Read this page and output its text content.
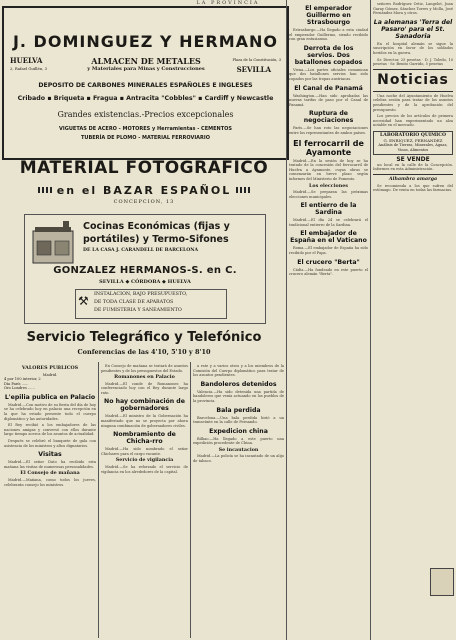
LA PROVINCIA
J. DOMINGUEZ Y HERMANO
HUELVA
2, Rafael Guillén, 3
ALMACEN DE METALES
y Materiales para Minas y Construcciones
Plaza de la Constitución, 3
SEVILLA
DEPOSITO DE CARBONES MINERALES ESPAÑOLES E INGLESES
Cribado ▪ Briqueta ▪ Fragua ▪ Antracita "Cobbles" ▪ Cardiff y Newcastle
Grandes existencias.-Precios excepcionales
VIGUETAS DE ACERO - MOTORES y Herramientas - CEMENTOS
TUBERÍA DE PLOMO - MATERIAL FERROVIARIO
MATERIAL FOTOGRAFICO
en el BAZAR ESPAÑOL
CONCEPCION, 13
Cocinas Económicas (fijas y
portátiles) y Termo-Sifones
DE LA CASA J. CARANDELL DE BARCELONA
GONZALEZ HERMANOS-S. en C.
SEVILLA ◆ CÓRDOBA ◆ HUELVA
⚒ INSTALACION, BAJO PRESUPUESTO,
DE TODA CLASE DE APARATOS
DE FUMISTERIA Y SANEAMIENTO
Servicio Telegráfico y Telefónico
Conferencias de las 4'10, 5'10 y 8'10
VALORES PUBLICOS
Madrid.
4 por 100 interior, 2
Día París ......
Oro Londres ......
L'epilia publica en Palacio

Madrid.—Con motivo de su fiesta del día de hoy se ha celebrado hoy en palacio una recepción en la que ha estado presente todo el cuerpo diplomático y las autoridades.

El Rey recibió a los embajadores de las naciones amigas y conversó con ellos durante largo tiempo acerca de los asuntos de actualidad.

Después se celebró el banquete de gala con asistencia de los ministros y altos dignatarios.

Visitas

Madrid.—El señor Dato ha recibido esta mañana las visitas de numerosas personalidades.

El Consejo de mañana

Madrid.—Mañana, como todos los jueves, celebrarán consejo los ministros.

En Consejo de mañana se tratará de asuntos pendientes y de los presupuestos del Estado.

Romanones en Palacio

Madrid.—El conde de Romanones ha conferenciado hoy con el Rey durante largo rato.

No hay combinación de gobernadores

Madrid.—El ministro de la Gobernación ha manifestado que no se proyecta por ahora ninguna combinación de gobernadores civiles.

Nombramiento de Chicha-rro

Madrid.—Ha sido nombrado el señor Chicharro para el cargo vacante.

Servicio de vigilancia

Madrid.—Se ha reforzado el servicio de vigilancia en los alrededores de la capital.

a este y a varios otros y a los miembros de la Comisión del Cuerpo diplomático para tratar de los asuntos pendientes.

Bandoleros detenidos

Valencia.—Ha sido detenida una partida de bandoleros que venía actuando en los pueblos de la provincia.

Bala perdida

Barcelona.—Una bala perdida hirió a un transeúnte en la calle de Fernando.

Expedicion china

Bilbao.—Ha llegado a este puerto una expedición procedente de China.

Se incautacion

Madrid.—La policía se ha incautado de un alijo de tabaco.

El emperador Guillermo en Strasbourgo

Estrasburgo.—Ha llegado a esta ciudad el emperador Guillermo, siendo recibido con gran entusiasmo.

Derrota de los servios. Dos batallones copados

Viena.—Los partes oficiales comunican que dos batallones servios han sido copados por las tropas austriacas.

El Canal de Panamá

Washington.—Han sido aprobadas las nuevas tarifas de paso por el Canal de Panamá.

Ruptura de negociaciones

París.—Se han roto las negociaciones entre los representantes de ambos países.

El ferrocarril de Ayamonte

Madrid.—En la sesión de hoy se ha tratado de la concesión del ferrocarril de Huelva a Ayamonte, cuyas obras se comenzarán en breve plazo según informes del Ministerio de Fomento.

Los elecciones

Madrid.—Se preparan las próximas elecciones municipales.

El entierro de la Sardina

Madrid.—El día 24 se celebrará el tradicional entierro de la Sardina.

El embajador de España en el Vaticano

Roma.—El embajador de España ha sido recibido por el Papa.

El crucero "Berta"

Cádiz.—Ha fondeado en este puerto el crucero alemán "Berta".

señores Rodríguez Ortiz, Langelot, Juan Garay Gómez, Sánchez Torres y Molla, José Fernández Mora y otros.

La alemanas 'Terra del Pasaro' para el St. Sanadoria

En el hospital alemán se sigue la suscripción en favor de los soldados heridos en la guerra.

Sr. Director, 25 pesetas · D. J. Toledo, 10 pesetas · Sr. Benito Garrido, 5 pesetas

Noticias

Una noche del Ayuntamiento de Huelva celebra sesión para tratar de los asuntos pendientes y de la aprobación del presupuesto.

Los precios de los artículos de primera necesidad han experimentado un alza notable en el mercado.

LABORATORIO QUIMICO
G. ENRIQUEZ, FERNANDEZ
Análisis de Tierras, Minerales, Aguas, Vinos, Alimentos
SE VENDE

un local en la calle de la Concepción. Informes en esta Administración.

Alhambra amarga

Se recomienda a los que sufren del estómago. De venta en todas las farmacias.
